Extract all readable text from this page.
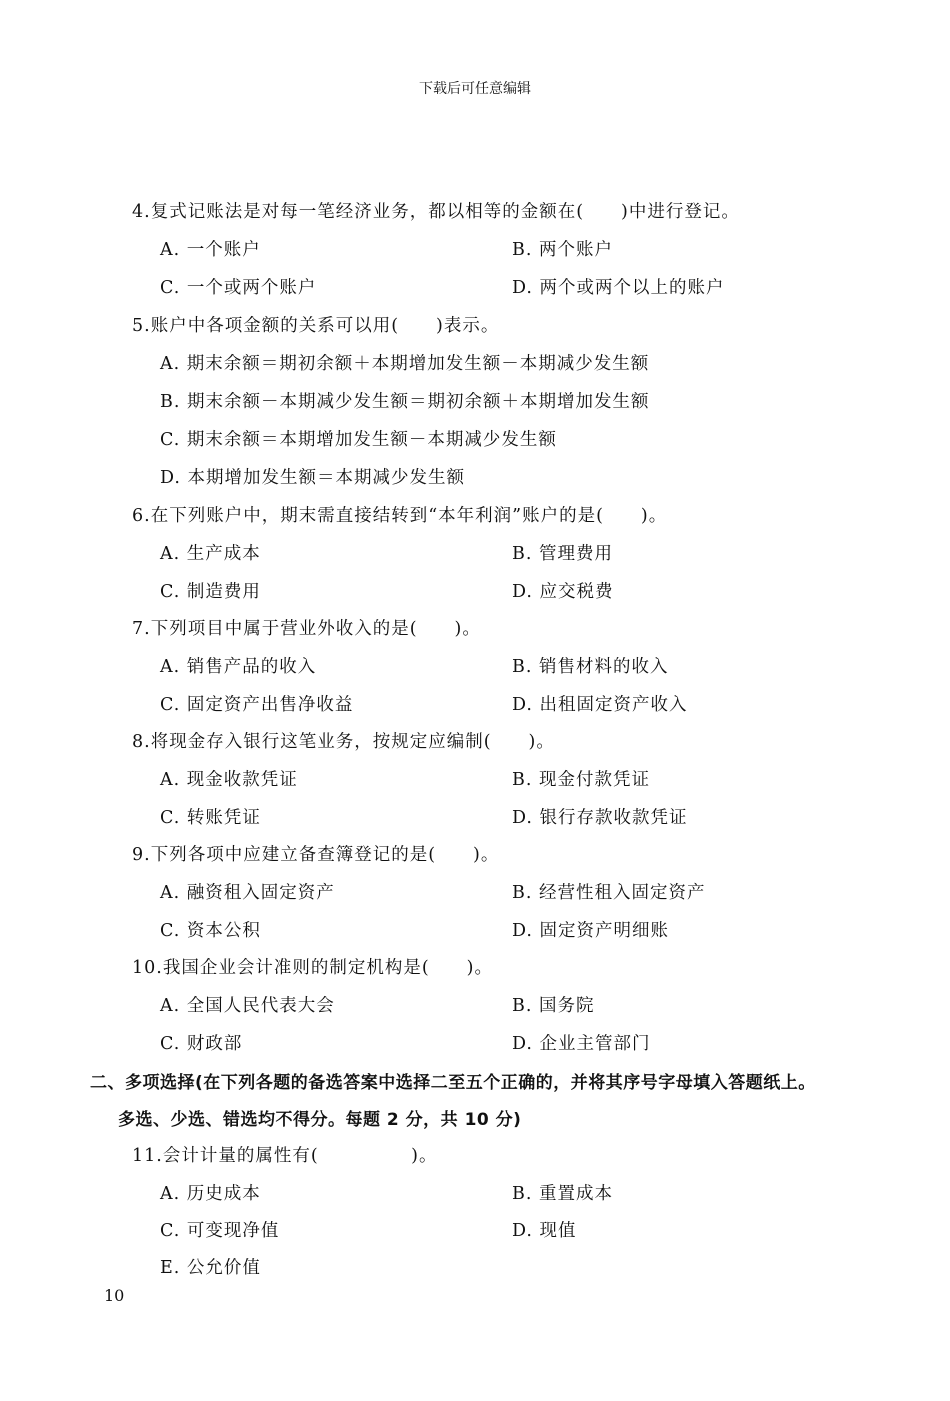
下载后可任意编辑
4.复式记账法是对每一笔经济业务，都以相等的金额在(　　)中进行登记。
A. 一个账户	B. 两个账户
C. 一个或两个账户	D. 两个或两个以上的账户
5.账户中各项金额的关系可以用(　　)表示。
A. 期末余额＝期初余额＋本期增加发生额－本期减少发生额
B. 期末余额－本期减少发生额＝期初余额＋本期增加发生额
C. 期末余额＝本期增加发生额－本期减少发生额
D. 本期增加发生额＝本期减少发生额
6.在下列账户中，期末需直接结转到“本年利润”账户的是(　　)。
A. 生产成本	B. 管理费用
C. 制造费用	D. 应交税费
7.下列项目中属于营业外收入的是(　　)。
A. 销售产品的收入	B. 销售材料的收入
C. 固定资产出售净收益	D. 出租固定资产收入
8.将现金存入银行这笔业务，按规定应编制(　　)。
A. 现金收款凭证	B. 现金付款凭证
C. 转账凭证	D. 银行存款收款凭证
9.下列各项中应建立备查簿登记的是(　　)。
A. 融资租入固定资产	B. 经营性租入固定资产
C. 资本公积	D. 固定资产明细账
10.我国企业会计准则的制定机构是(　　)。
A. 全国人民代表大会	B. 国务院
C. 财政部	D. 企业主管部门
二、多项选择(在下列各题的备选答案中选择二至五个正确的，并将其序号字母填入答题纸上。
多选、少选、错选均不得分。每题 2 分，共 10 分)
11.会计计量的属性有(　　　　　)。
A. 历史成本	B. 重置成本
C. 可变现净值	D. 现值
E. 公允价值
10
